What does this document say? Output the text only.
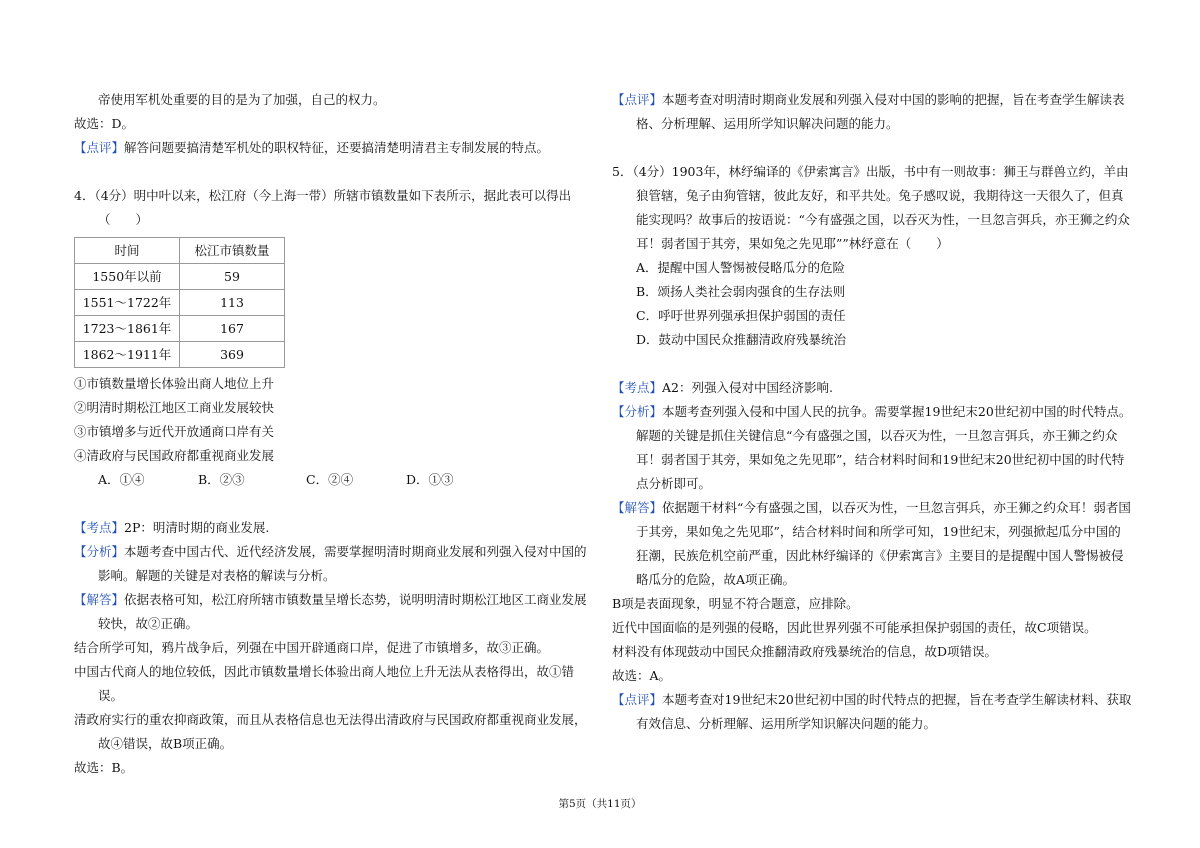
帝使用军机处重要的目的是为了加强，自己的权力。

故选：D。

【点评】解答问题要搞清楚军机处的职权特征，还要搞清楚明清君主专制发展的特点。

4．（4分）明中叶以来，松江府（今上海一带）所辖市镇数量如下表所示，据此表可以得出（　　）

时间	松江市镇数量
1550年以前	59
1551～1722年	113
1723～1861年	167
1862～1911年	369

①市镇数量增长体验出商人地位上升

②明清时期松江地区工商业发展较快

③市镇增多与近代开放通商口岸有关

④清政府与民国政府都重视商业发展

A．①④	B．②③	C．②④	D．①③

【考点】2P：明清时期的商业发展.

【分析】本题考查中国古代、近代经济发展，需要掌握明清时期商业发展和列强入侵对中国的影响。解题的关键是对表格的解读与分析。

【解答】依据表格可知，松江府所辖市镇数量呈增长态势，说明明清时期松江地区工商业发展较快，故②正确。

结合所学可知，鸦片战争后，列强在中国开辟通商口岸，促进了市镇增多，故③正确。

中国古代商人的地位较低，因此市镇数量增长体验出商人地位上升无法从表格得出，故①错误。

清政府实行的重农抑商政策，而且从表格信息也无法得出清政府与民国政府都重视商业发展，故④错误，故B项正确。

故选：B。

【点评】本题考查对明清时期商业发展和列强入侵对中国的影响的把握，旨在考查学生解读表格、分析理解、运用所学知识解决问题的能力。

5．（4分）1903年，林纾编译的《伊索寓言》出版，书中有一则故事：狮王与群兽立约，羊由狼管辖，兔子由狗管辖，彼此友好，和平共处。兔子感叹说，我期待这一天很久了，但真能实现吗？故事后的按语说：“今有盛强之国，以吞灭为性，一旦忽言弭兵，亦王狮之约众耳！弱者国于其旁，果如兔之先见耶””林纾意在（　　）

A．提醒中国人警惕被侵略瓜分的危险

B．颂扬人类社会弱肉强食的生存法则

C．呼吁世界列强承担保护弱国的责任

D．鼓动中国民众推翻清政府残暴统治

【考点】A2：列强入侵对中国经济影响.

【分析】本题考查列强入侵和中国人民的抗争。需要掌握19世纪末20世纪初中国的时代特点。解题的关键是抓住关键信息“今有盛强之国，以吞灭为性，一旦忽言弭兵，亦王狮之约众耳！弱者国于其旁，果如兔之先见耶”，结合材料时间和19世纪末20世纪初中国的时代特点分析即可。

【解答】依据题干材料“今有盛强之国，以吞灭为性，一旦忽言弭兵，亦王狮之约众耳！弱者国于其旁，果如兔之先见耶”，结合材料时间和所学可知，19世纪末，列强掀起瓜分中国的狂潮，民族危机空前严重，因此林纾编译的《伊索寓言》主要目的是提醒中国人警惕被侵略瓜分的危险，故A项正确。

B项是表面现象，明显不符合题意，应排除。

近代中国面临的是列强的侵略，因此世界列强不可能承担保护弱国的责任，故C项错误。

材料没有体现鼓动中国民众推翻清政府残暴统治的信息，故D项错误。

故选：A。

【点评】本题考查对19世纪末20世纪初中国的时代特点的把握，旨在考查学生解读材料、获取有效信息、分析理解、运用所学知识解决问题的能力。

第5页（共11页）
